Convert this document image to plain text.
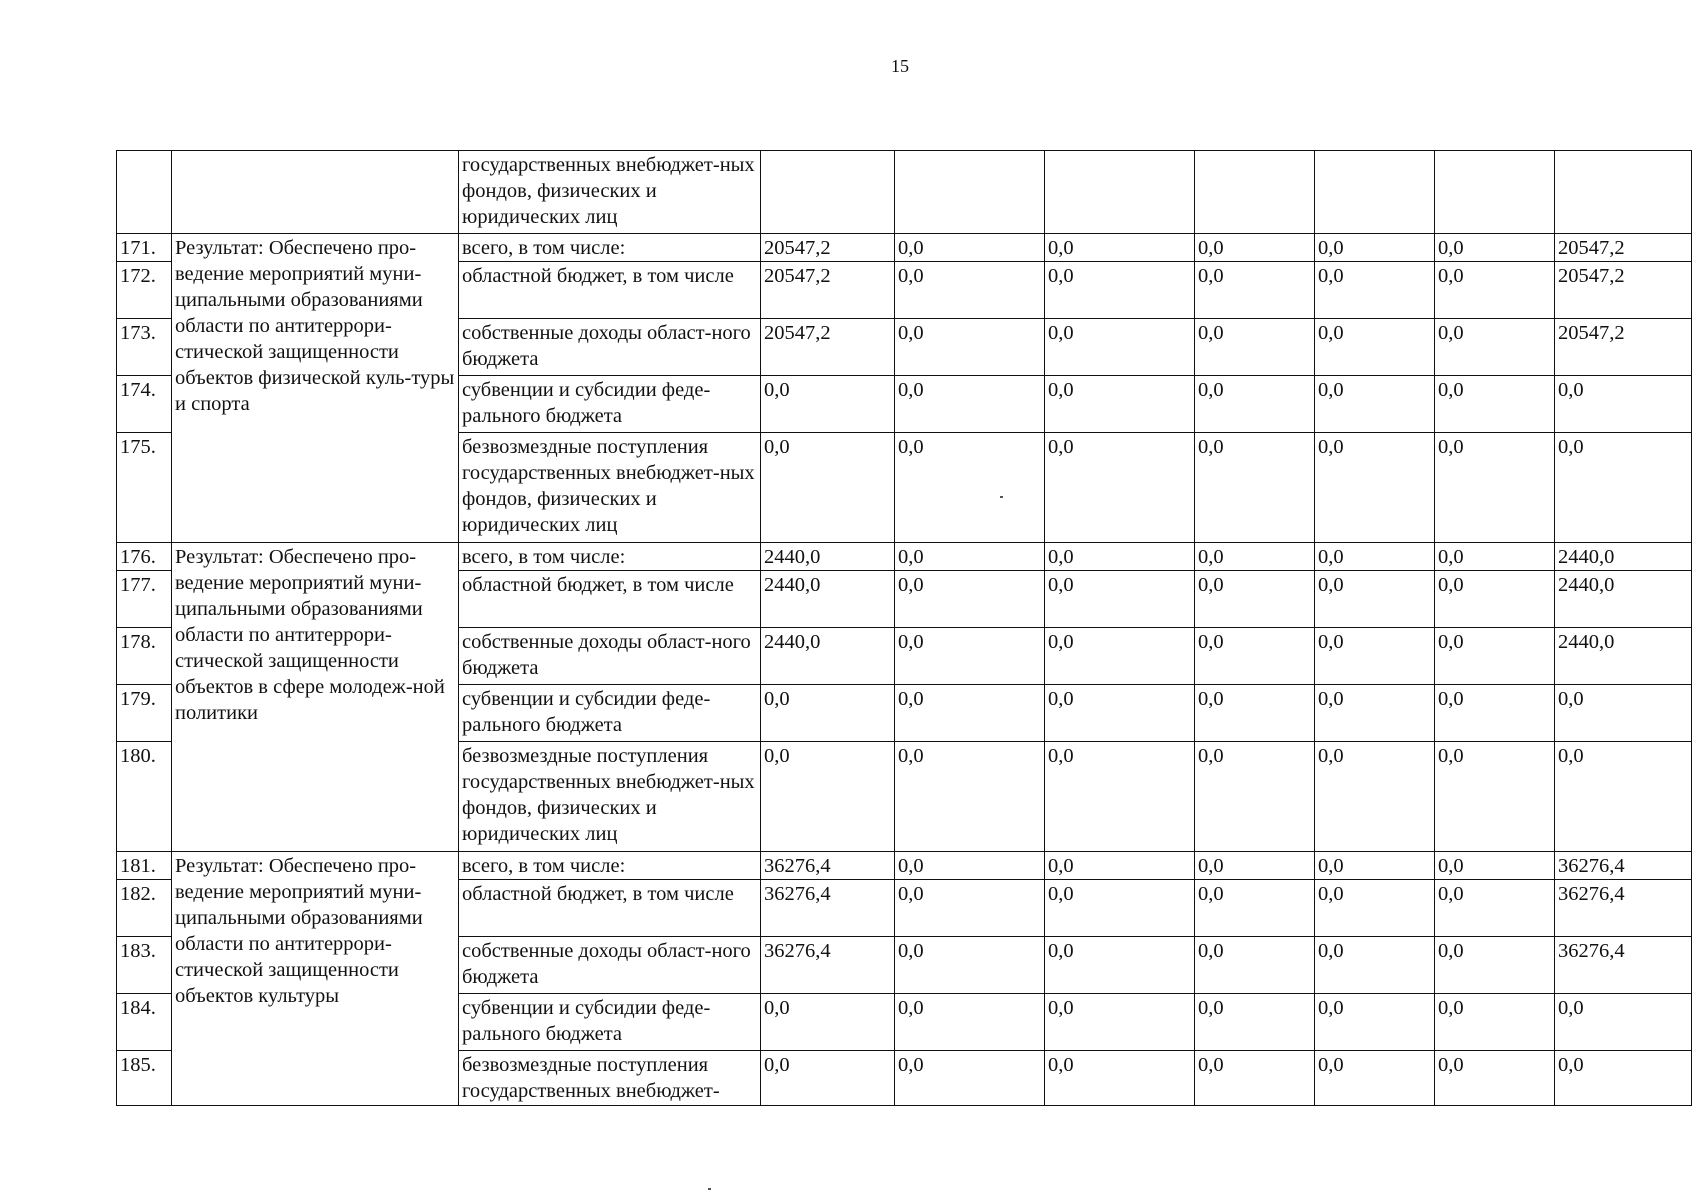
15
		государственных внебюджет-ных фондов, физических и юридических лиц							
171.	Результат: Обеспечено про-ведение мероприятий муни-ципальными образованиями области по антитеррори-стической защищенности объектов физической куль-туры и спорта	всего, в том числе:	20547,2	0,0	0,0	0,0	0,0	0,0	20547,2
172.		областной бюджет, в том числе	20547,2	0,0	0,0	0,0	0,0	0,0	20547,2
173.		собственные доходы област-ного бюджета	20547,2	0,0	0,0	0,0	0,0	0,0	20547,2
174.		субвенции и субсидии феде-рального бюджета	0,0	0,0	0,0	0,0	0,0	0,0	0,0
175.		безвозмездные поступления государственных внебюджет-ных фондов, физических и юридических лиц	0,0	0,0	0,0	0,0	0,0	0,0	0,0
176.	Результат: Обеспечено про-ведение мероприятий муни-ципальными образованиями области по антитеррори-стической защищенности объектов в сфере молодеж-ной политики	всего, в том числе:	2440,0	0,0	0,0	0,0	0,0	0,0	2440,0
177.		областной бюджет, в том числе	2440,0	0,0	0,0	0,0	0,0	0,0	2440,0
178.		собственные доходы област-ного бюджета	2440,0	0,0	0,0	0,0	0,0	0,0	2440,0
179.		субвенции и субсидии феде-рального бюджета	0,0	0,0	0,0	0,0	0,0	0,0	0,0
180.		безвозмездные поступления государственных внебюджет-ных фондов, физических и юридических лиц	0,0	0,0	0,0	0,0	0,0	0,0	0,0
181.	Результат: Обеспечено про-ведение мероприятий муни-ципальными образованиями области по антитеррори-стической защищенности объектов культуры	всего, в том числе:	36276,4	0,0	0,0	0,0	0,0	0,0	36276,4
182.		областной бюджет, в том числе	36276,4	0,0	0,0	0,0	0,0	0,0	36276,4
183.		собственные доходы област-ного бюджета	36276,4	0,0	0,0	0,0	0,0	0,0	36276,4
184.		субвенции и субсидии феде-рального бюджета	0,0	0,0	0,0	0,0	0,0	0,0	0,0
185.		безвозмездные поступления государственных внебюджет-	0,0	0,0	0,0	0,0	0,0	0,0	0,0
